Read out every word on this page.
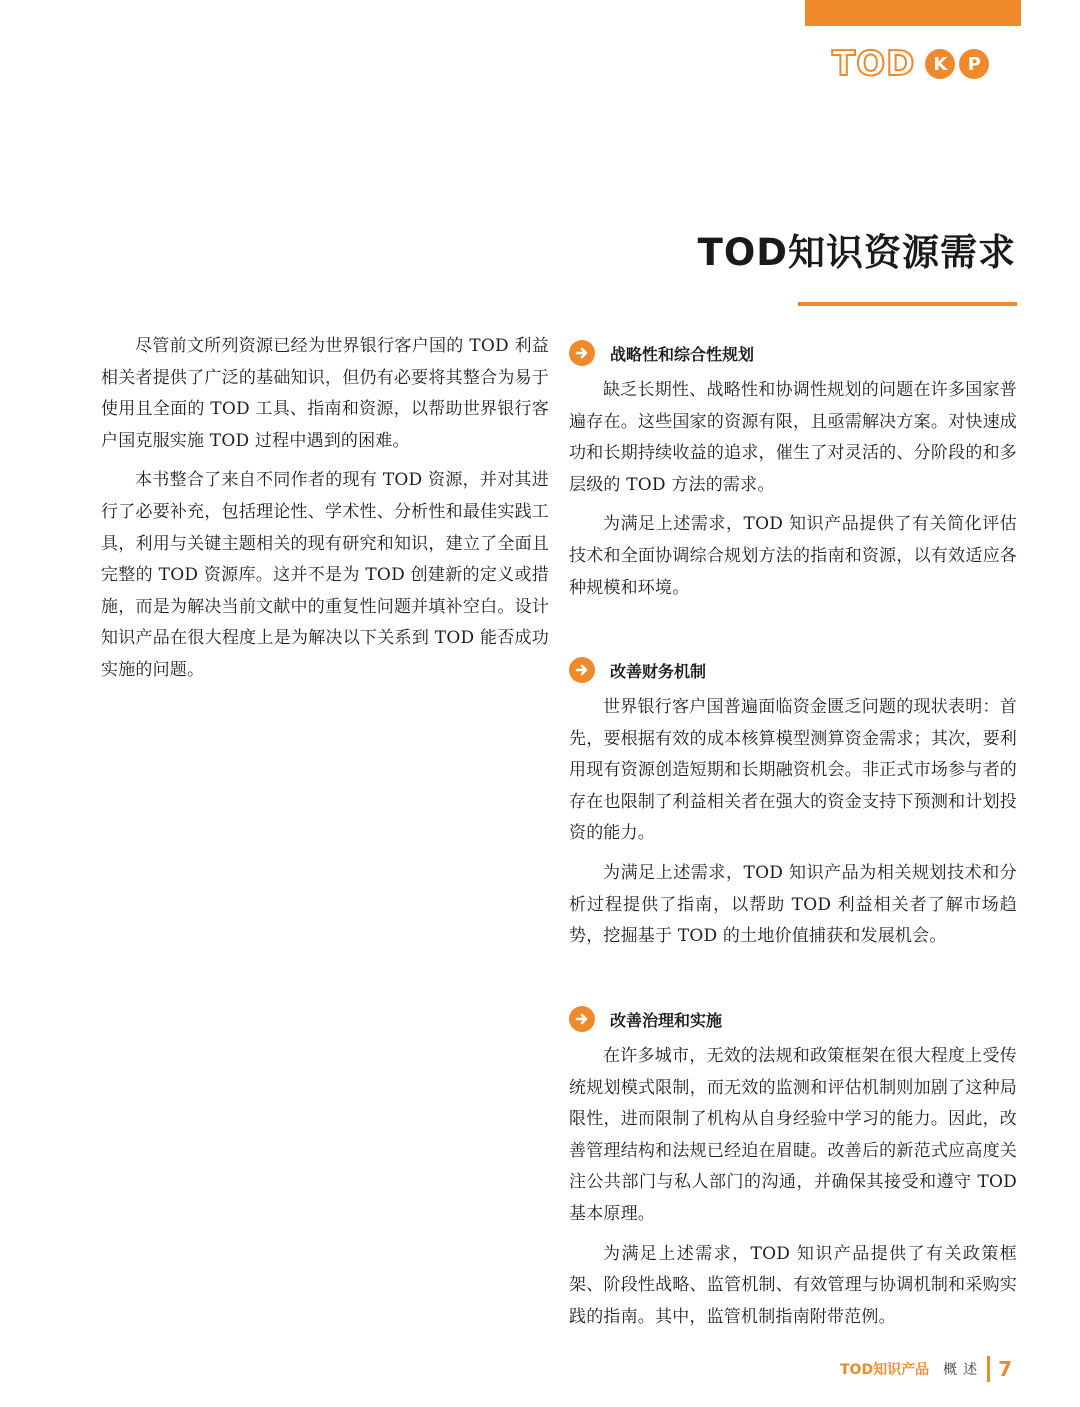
TOD	K	P
TOD知识资源需求

尽管前文所列资源已经为世界银行客户国的 TOD 利益相关者提供了广泛的基础知识，但仍有必要将其整合为易于使用且全面的 TOD 工具、指南和资源，以帮助世界银行客户国克服实施 TOD 过程中遇到的困难。

本书整合了来自不同作者的现有 TOD 资源，并对其进行了必要补充，包括理论性、学术性、分析性和最佳实践工具，利用与关键主题相关的现有研究和知识，建立了全面且完整的 TOD 资源库。这并不是为 TOD 创建新的定义或措施，而是为解决当前文献中的重复性问题并填补空白。设计知识产品在很大程度上是为解决以下关系到 TOD 能否成功实施的问题。

战略性和综合性规划

缺乏长期性、战略性和协调性规划的问题在许多国家普遍存在。这些国家的资源有限，且亟需解决方案。对快速成功和长期持续收益的追求，催生了对灵活的、分阶段的和多层级的 TOD 方法的需求。

为满足上述需求，TOD 知识产品提供了有关简化评估技术和全面协调综合规划方法的指南和资源，以有效适应各种规模和环境。

改善财务机制

世界银行客户国普遍面临资金匮乏问题的现状表明：首先，要根据有效的成本核算模型测算资金需求；其次，要利用现有资源创造短期和长期融资机会。非正式市场参与者的存在也限制了利益相关者在强大的资金支持下预测和计划投资的能力。

为满足上述需求，TOD 知识产品为相关规划技术和分析过程提供了指南，以帮助 TOD 利益相关者了解市场趋势，挖掘基于 TOD 的土地价值捕获和发展机会。

改善治理和实施

在许多城市，无效的法规和政策框架在很大程度上受传统规划模式限制，而无效的监测和评估机制则加剧了这种局限性，进而限制了机构从自身经验中学习的能力。因此，改善管理结构和法规已经迫在眉睫。改善后的新范式应高度关注公共部门与私人部门的沟通，并确保其接受和遵守 TOD 基本原理。

为满足上述需求，TOD 知识产品提供了有关政策框架、阶段性战略、监管机制、有效管理与协调机制和采购实践的指南。其中，监管机制指南附带范例。

TOD知识产品 概述 7
